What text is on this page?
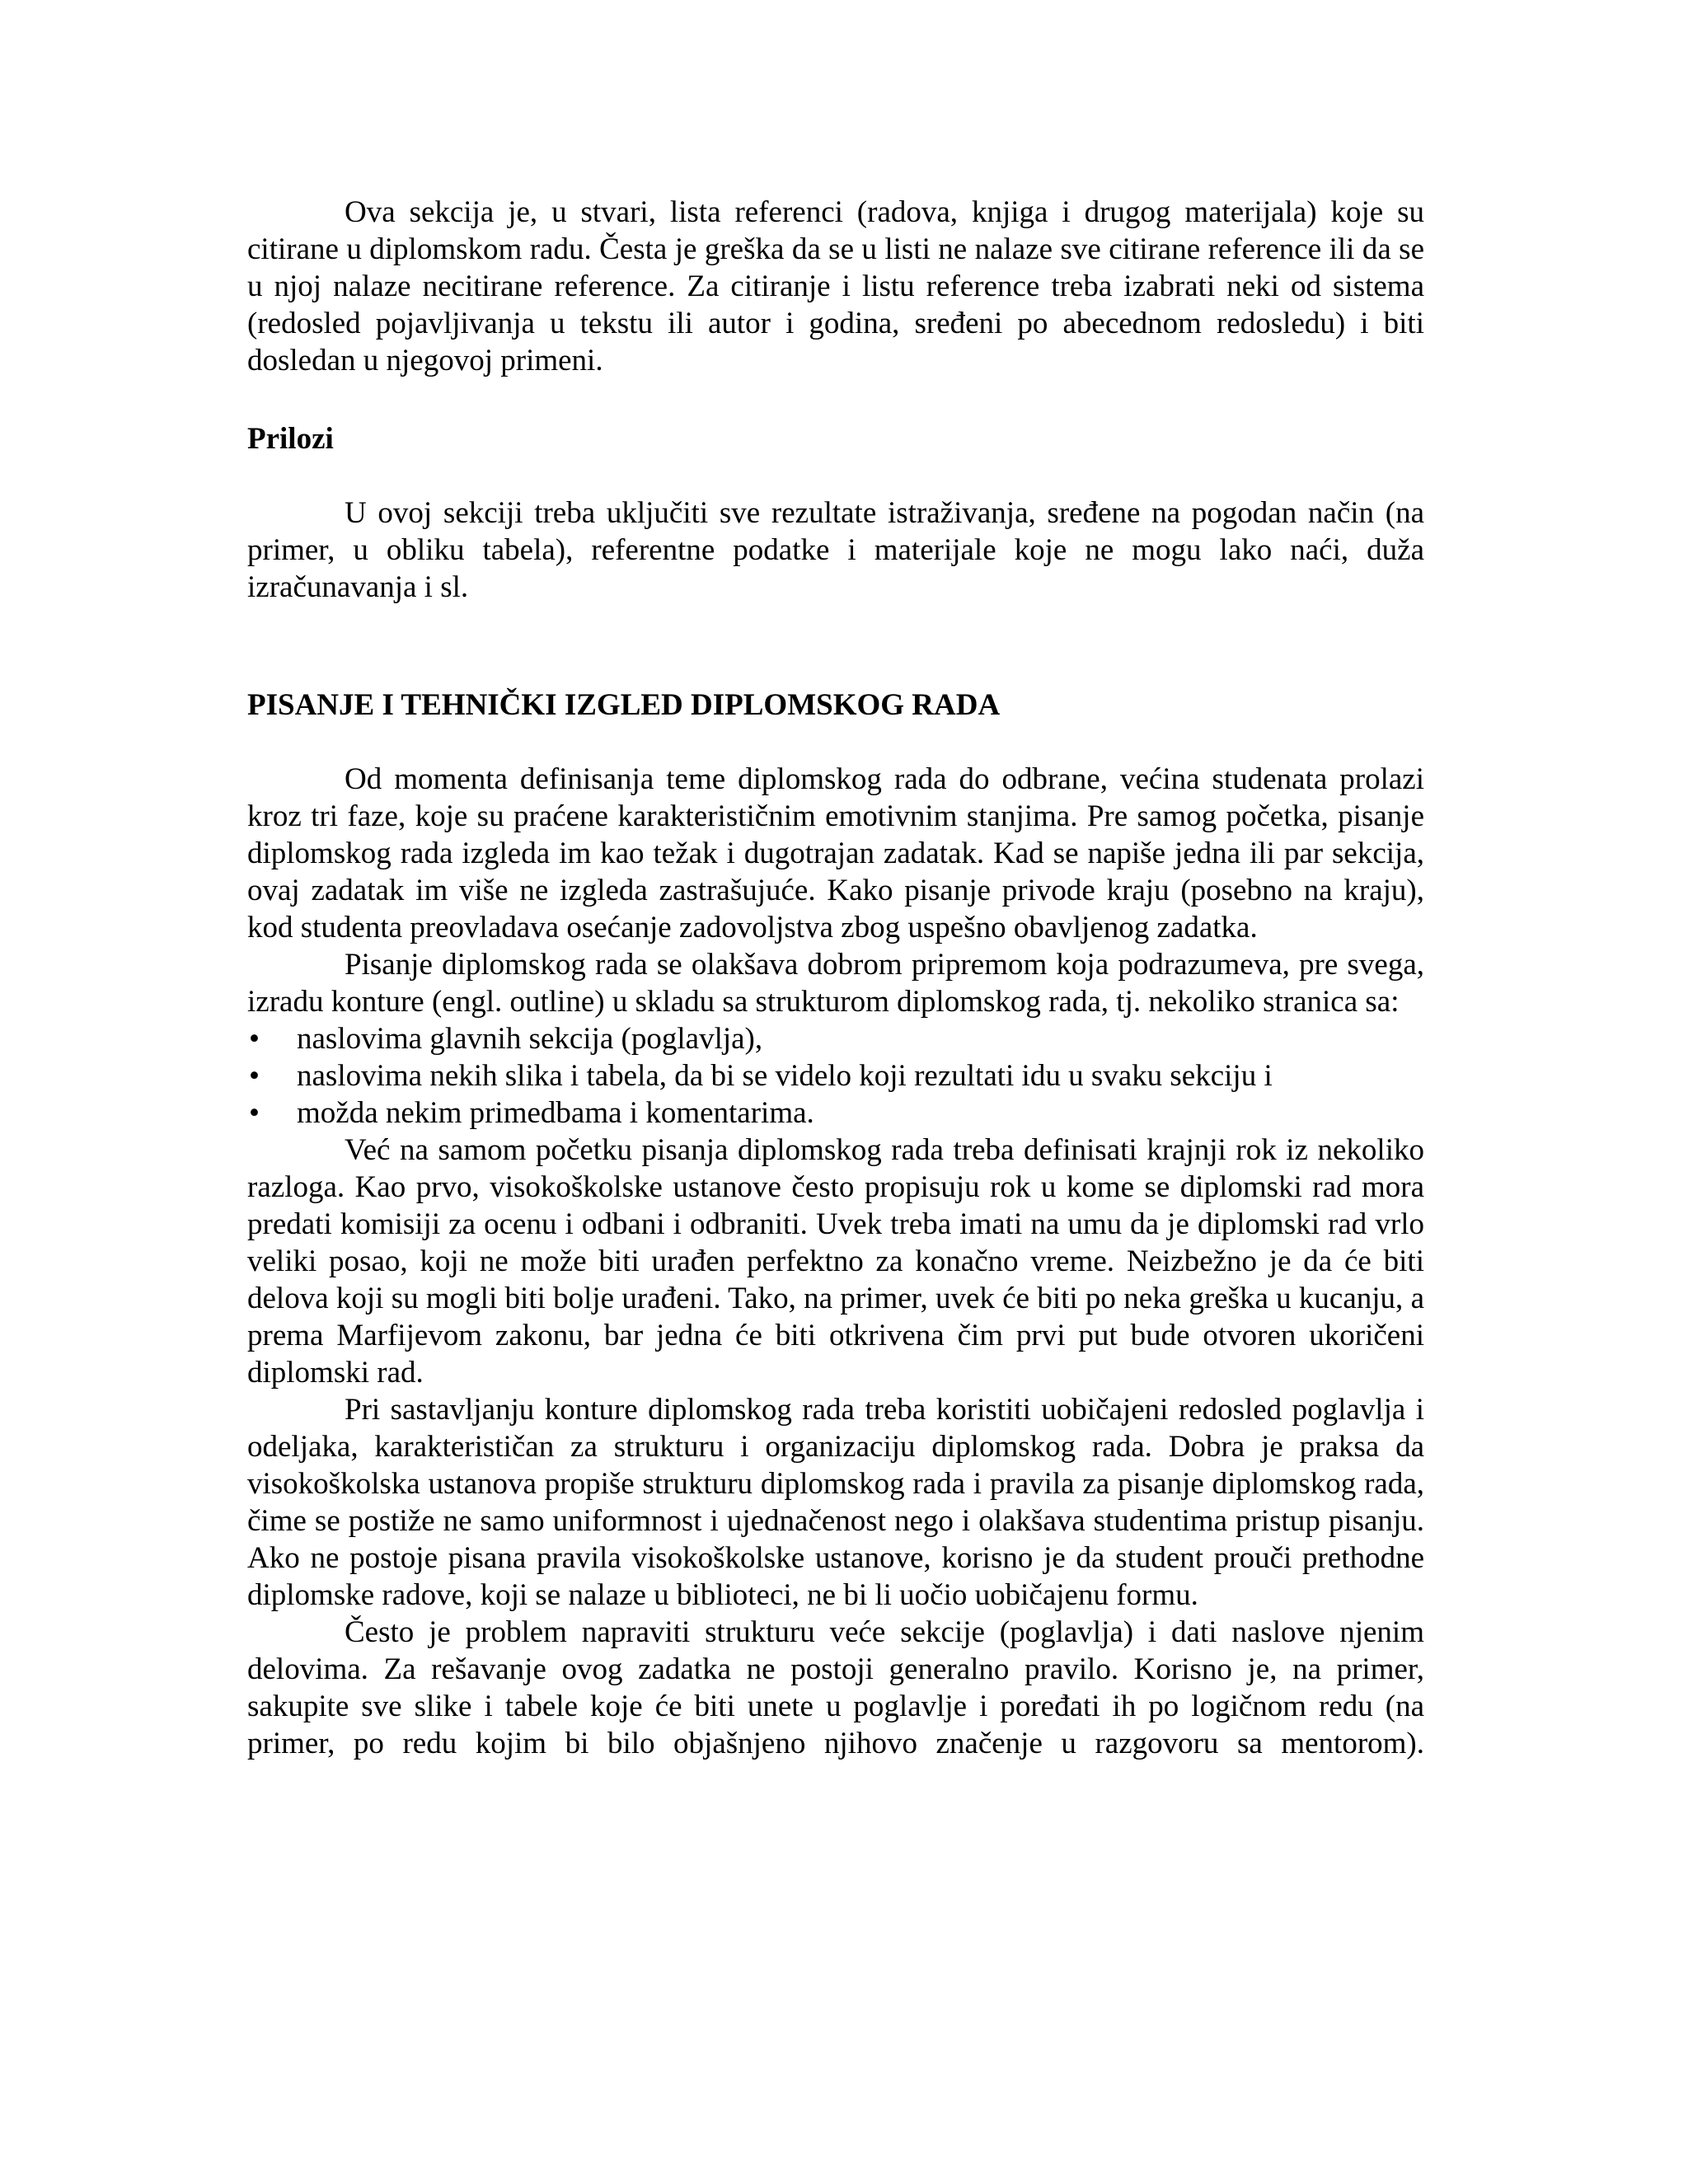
Ova sekcija je, u stvari, lista referenci (radova, knjiga i drugog materijala) koje su citirane u diplomskom radu. Česta je greška da se u listi ne nalaze sve citirane reference ili da se u njoj nalaze necitirane reference. Za citiranje i listu reference treba izabrati neki od sistema (redosled pojavljivanja u tekstu ili autor i godina, sređeni po abecednom redosledu) i biti dosledan u njegovoj primeni.

Prilozi

U ovoj sekciji treba uključiti sve rezultate istraživanja, sređene na pogodan način (na primer, u obliku tabela), referentne podatke i materijale koje ne mogu lako naći, duža izračunavanja i sl.

PISANJE I TEHNIČKI IZGLED DIPLOMSKOG RADA

Od momenta definisanja teme diplomskog rada do odbrane, većina studenata prolazi kroz tri faze, koje su praćene karakterističnim emotivnim stanjima. Pre samog početka, pisanje diplomskog rada izgleda im kao težak i dugotrajan zadatak. Kad se napiše jedna ili par sekcija, ovaj zadatak im više ne izgleda zastrašujuće. Kako pisanje privode kraju (posebno na kraju), kod studenta preovladava osećanje zadovoljstva zbog uspešno obavljenog zadatka.

Pisanje diplomskog rada se olakšava dobrom pripremom koja podrazumeva, pre svega, izradu konture (engl. outline) u skladu sa strukturom diplomskog rada, tj. nekoliko stranica sa:

• naslovima glavnih sekcija (poglavlja),
• naslovima nekih slika i tabela, da bi se videlo koji rezultati idu u svaku sekciju i
• možda nekim primedbama i komentarima.

Već na samom početku pisanja diplomskog rada treba definisati krajnji rok iz nekoliko razloga. Kao prvo, visokoškolske ustanove često propisuju rok u kome se diplomski rad mora predati komisiji za ocenu i odbani i odbraniti. Uvek treba imati na umu da je diplomski rad vrlo veliki posao, koji ne može biti urađen perfektno za konačno vreme. Neizbežno je da će biti delova koji su mogli biti bolje urađeni. Tako, na primer, uvek će biti po neka greška u kucanju, a prema Marfijevom zakonu, bar jedna će biti otkrivena čim prvi put bude otvoren ukoričeni diplomski rad.

Pri sastavljanju konture diplomskog rada treba koristiti uobičajeni redosled poglavlja i odeljaka, karakterističan za strukturu i organizaciju diplomskog rada. Dobra je praksa da visokoškolska ustanova propiše strukturu diplomskog rada i pravila za pisanje diplomskog rada, čime se postiže ne samo uniformnost i ujednačenost nego i olakšava studentima pristup pisanju. Ako ne postoje pisana pravila visokoškolske ustanove, korisno je da student prouči prethodne diplomske radove, koji se nalaze u biblioteci, ne bi li uočio uobičajenu formu.

Često je problem napraviti strukturu veće sekcije (poglavlja) i dati naslove njenim delovima. Za rešavanje ovog zadatka ne postoji generalno pravilo. Korisno je, na primer, sakupite sve slike i tabele koje će biti unete u poglavlje i poređati ih po logičnom redu (na primer, po redu kojim bi bilo objašnjeno njihovo značenje u razgovoru sa mentorom).
